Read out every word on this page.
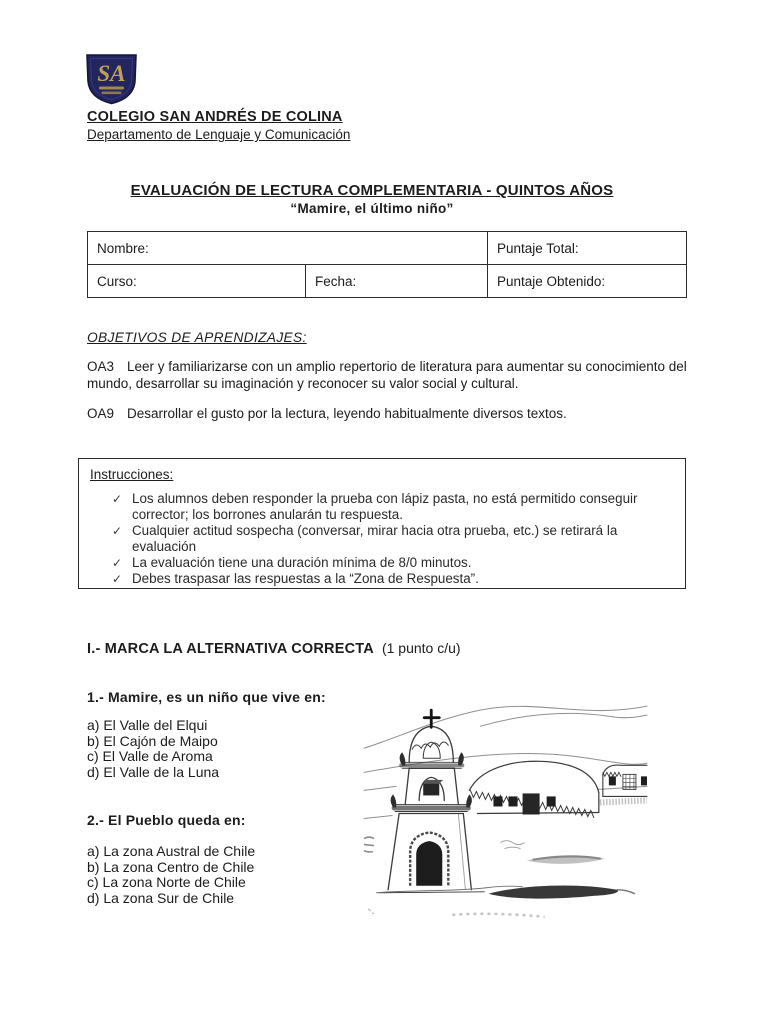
SA
COLEGIO SAN ANDRÉS DE COLINA
Departamento de Lenguaje y Comunicación
EVALUACIÓN DE LECTURA COMPLEMENTARIA - QUINTOS AÑOS
“Mamire, el último niño”
Nombre:		Puntaje Total:
Curso:	Fecha:	Puntaje Obtenido:
OBJETIVOS DE APRENDIZAJES:

OA3 Leer y familiarizarse con un amplio repertorio de literatura para aumentar su conocimiento del mundo, desarrollar su imaginación y reconocer su valor social y cultural.

OA9 Desarrollar el gusto por la lectura, leyendo habitualmente diversos textos.

Instrucciones:
✓ Los alumnos deben responder la prueba con lápiz pasta, no está permitido conseguir corrector; los borrones anularán tu respuesta.
✓ Cualquier actitud sospecha (conversar, mirar hacia otra prueba, etc.) se retirará la evaluación
✓ La evaluación tiene una duración mínima de 8/0 minutos.
✓ Debes traspasar las respuestas a la “Zona de Respuesta”.
I.- MARCA LA ALTERNATIVA CORRECTA (1 punto c/u)
1.- Mamire, es un niño que vive en:
a) El Valle del Elqui
b) El Cajón de Maipo
c) El Valle de Aroma
d) El Valle de la Luna
2.- El Pueblo queda en:
a) La zona Austral de Chile
b) La zona Centro de Chile
c) La zona Norte de Chile
d) La zona Sur de Chile
